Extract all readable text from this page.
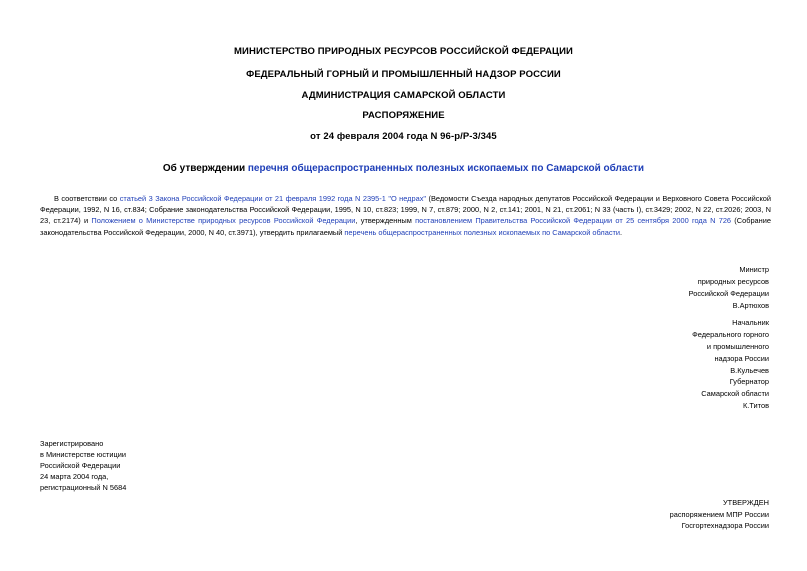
МИНИСТЕРСТВО ПРИРОДНЫХ РЕСУРСОВ РОССИЙСКОЙ ФЕДЕРАЦИИ
ФЕДЕРАЛЬНЫЙ ГОРНЫЙ И ПРОМЫШЛЕННЫЙ НАДЗОР РОССИИ
АДМИНИСТРАЦИЯ САМАРСКОЙ ОБЛАСТИ
РАСПОРЯЖЕНИЕ
от 24 февраля 2004 года N 96-р/Р-3/345
Об утверждении перечня общераспространенных полезных ископаемых по Самарской области
В соответствии со статьей 3 Закона Российской Федерации от 21 февраля 1992 года N 2395-1 "О недрах" (Ведомости Съезда народных депутатов Российской Федерации и Верховного Совета Российской Федерации, 1992, N 16, ст.834; Собрание законодательства Российской Федерации, 1995, N 10, ст.823; 1999, N 7, ст.879; 2000, N 2, ст.141; 2001, N 21, ст.2061; N 33 (часть I), ст.3429; 2002, N 22, ст.2026; 2003, N 23, ст.2174) и Положением о Министерстве природных ресурсов Российской Федерации, утвержденным постановлением Правительства Российской Федерации от 25 сентября 2000 года N 726 (Собрание законодательства Российской Федерации, 2000, N 40, ст.3971), утвердить прилагаемый перечень общераспространенных полезных ископаемых по Самарской области.
Министр
природных ресурсов
Российской Федерации
В.Артюхов
Начальник
Федерального горного
и промышленного
надзора России
В.Кульечев
Губернатор
Самарской области
К.Титов
Зарегистрировано
в Министерстве юстиции
Российской Федерации
24 марта 2004 года,
регистрационный N 5684
УТВЕРЖДЕН
распоряжением МПР России
Госгортехнадзора России
